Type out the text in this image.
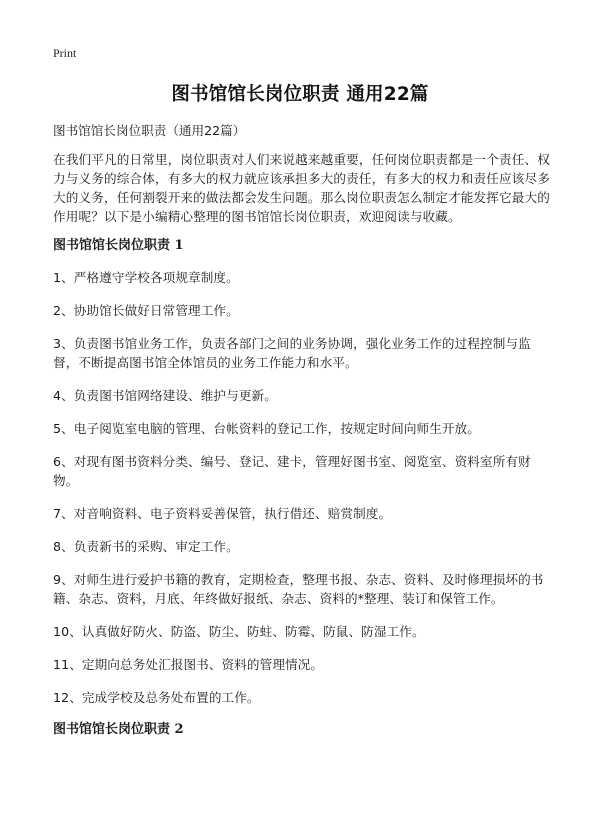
Print
图书馆馆长岗位职责 通用22篇
图书馆馆长岗位职责（通用22篇）
在我们平凡的日常里，岗位职责对人们来说越来越重要，任何岗位职责都是一个责任、权力与义务的综合体，有多大的权力就应该承担多大的责任，有多大的权力和责任应该尽多大的义务，任何割裂开来的做法都会发生问题。那么岗位职责怎么制定才能发挥它最大的作用呢？以下是小编精心整理的图书馆馆长岗位职责，欢迎阅读与收藏。
图书馆馆长岗位职责 1
1、严格遵守学校各项规章制度。
2、协助馆长做好日常管理工作。
3、负责图书馆业务工作，负责各部门之间的业务协调，强化业务工作的过程控制与监督，不断提高图书馆全体馆员的业务工作能力和水平。
4、负责图书馆网络建设、维护与更新。
5、电子阅览室电脑的管理、台帐资料的登记工作，按规定时间向师生开放。
6、对现有图书资料分类、编号、登记、建卡，管理好图书室、阅览室、资料室所有财物。
7、对音响资料、电子资料妥善保管，执行借还、赔赏制度。
8、负责新书的采购、审定工作。
9、对师生进行爱护书籍的教育，定期检查，整理书报、杂志、资料、及时修理损坏的书籍、杂志、资料，月底、年终做好报纸、杂志、资料的*整理、装订和保管工作。
10、认真做好防火、防盗、防尘、防蛀、防霉、防鼠、防湿工作。
11、定期向总务处汇报图书、资料的管理情况。
12、完成学校及总务处布置的工作。
图书馆馆长岗位职责 2
